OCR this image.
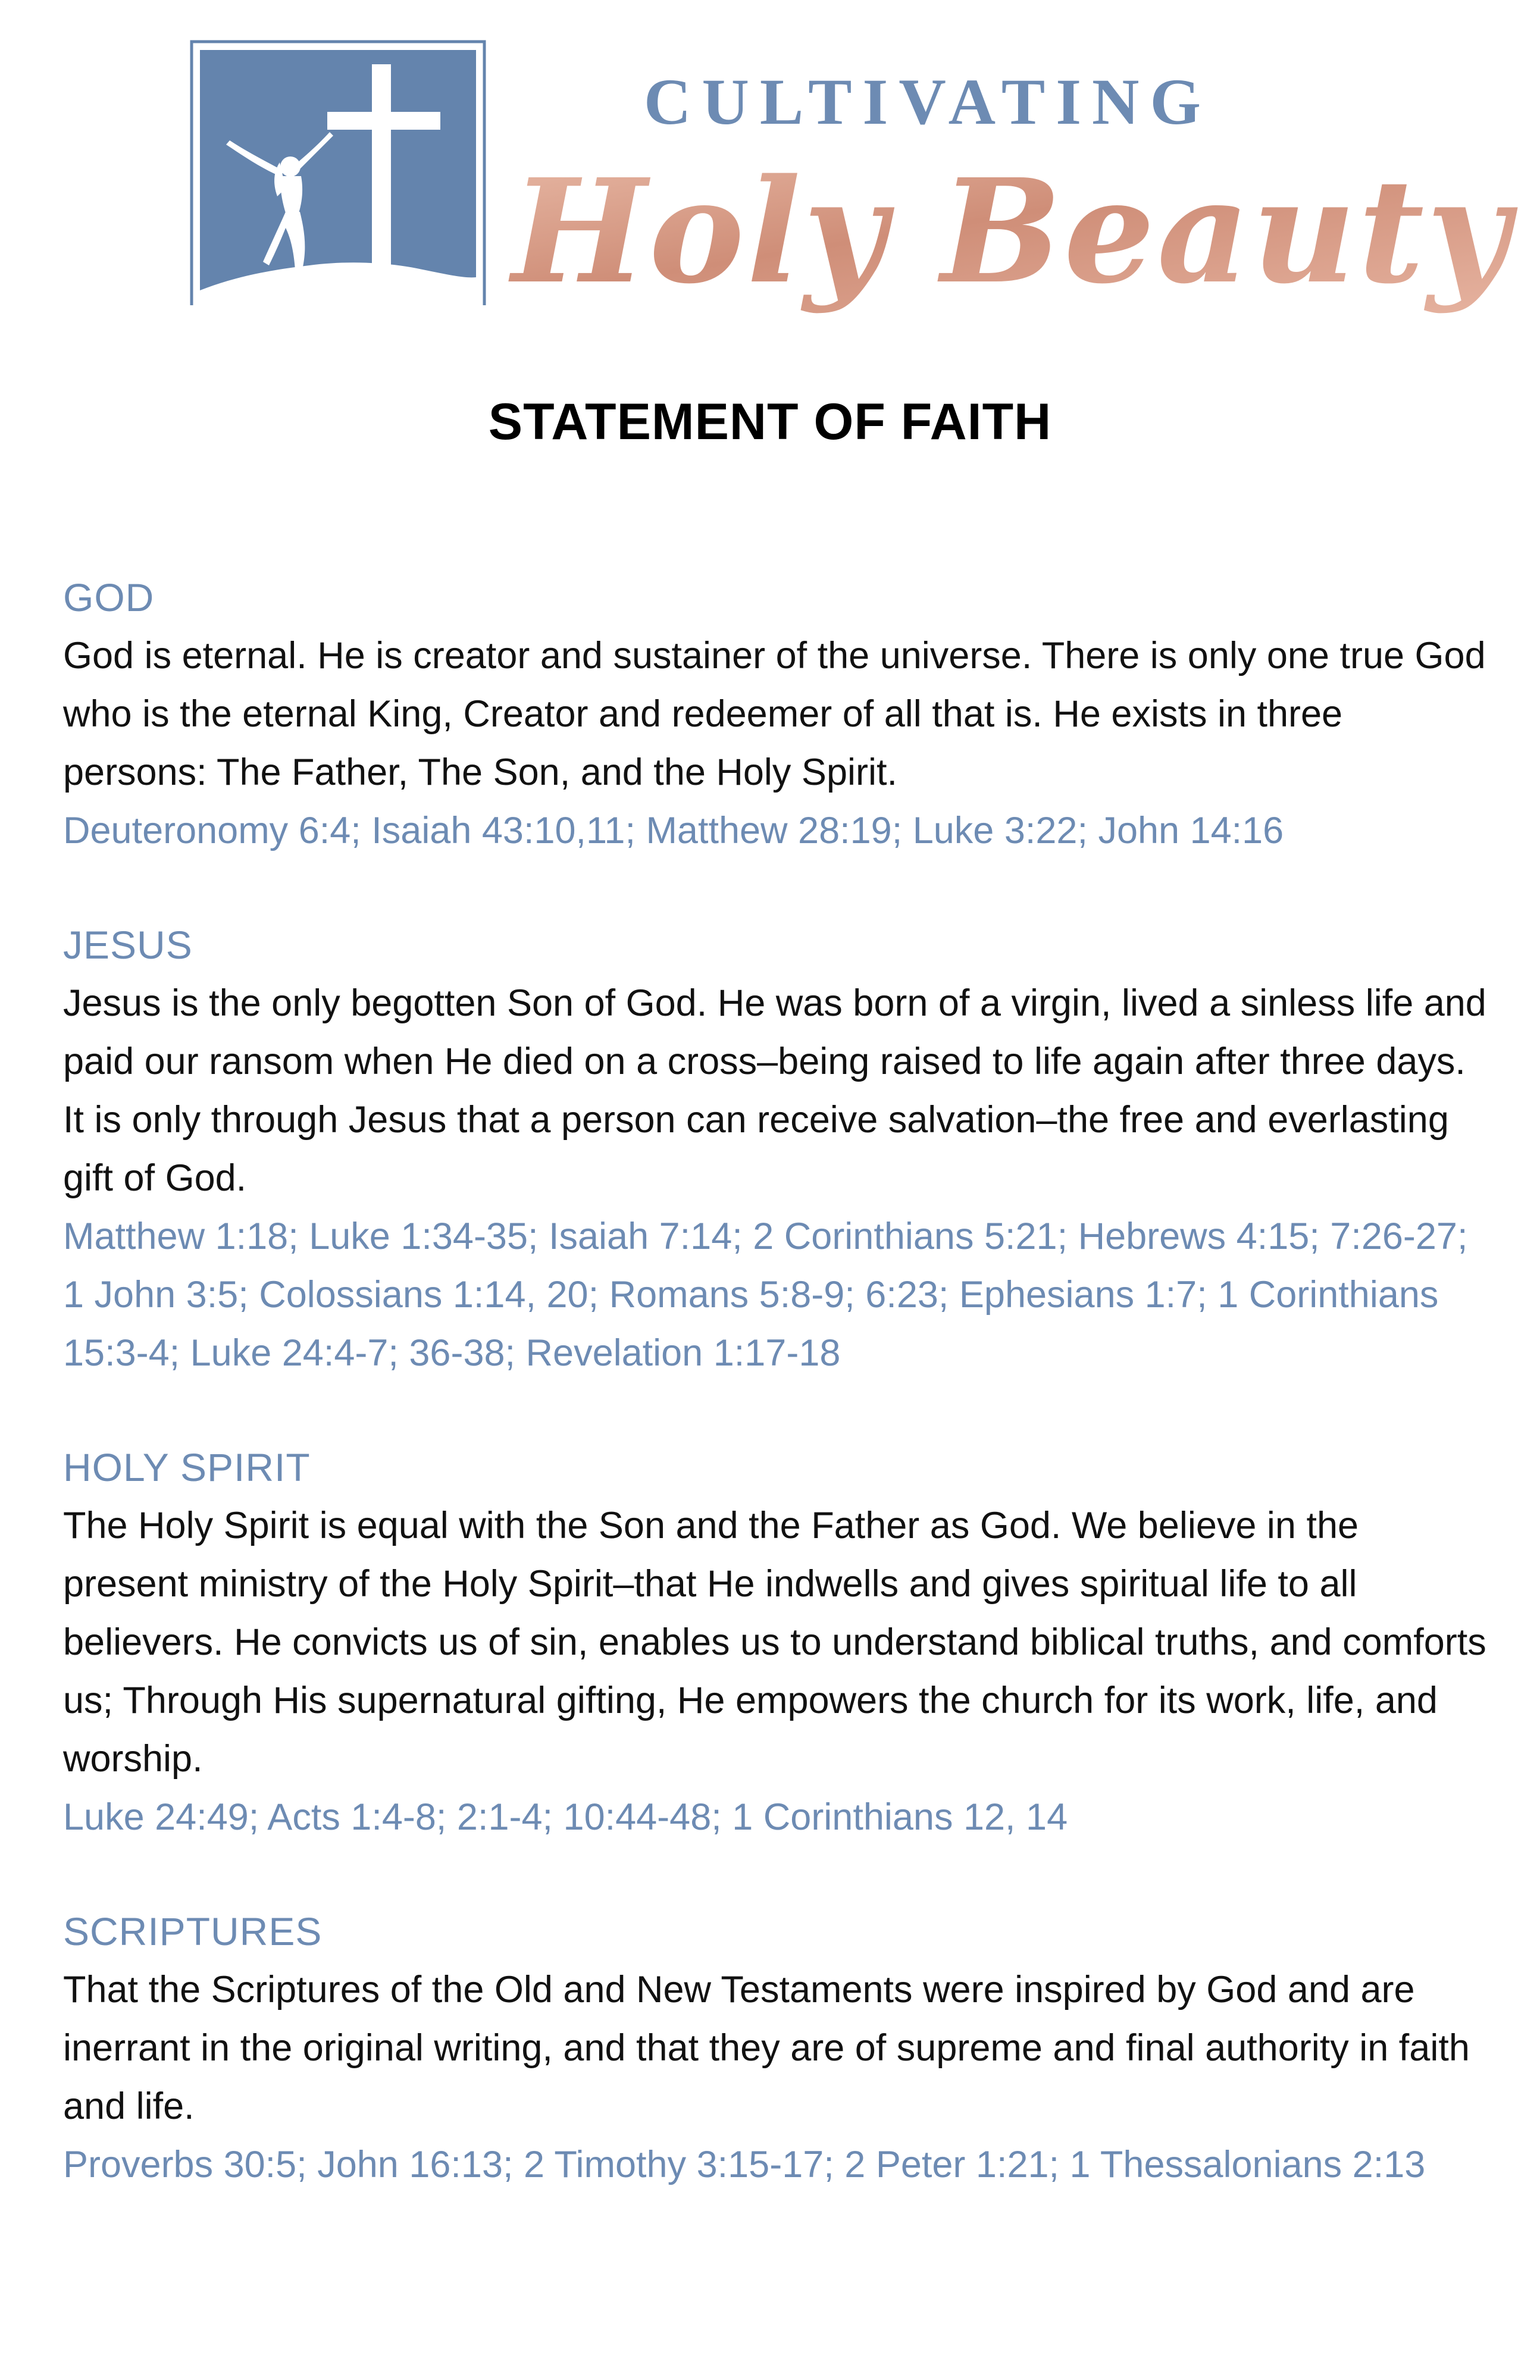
CULTIVATING
Holy Beauty
STATEMENT OF FAITH
GOD

God is eternal. He is creator and sustainer of the universe. There is only one true God who is the eternal King, Creator and redeemer of all that is. He exists in three persons: The Father, The Son, and the Holy Spirit.

Deuteronomy 6:4; Isaiah 43:10,11; Matthew 28:19; Luke 3:22; John 14:16

JESUS

Jesus is the only begotten Son of God. He was born of a virgin, lived a sinless life and paid our ransom when He died on a cross–being raised to life again after three days. It is only through Jesus that a person can receive salvation–the free and everlasting gift of God.

Matthew 1:18; Luke 1:34-35; Isaiah 7:14; 2 Corinthians 5:21; Hebrews 4:15; 7:26-27; 1 John 3:5; Colossians 1:14, 20; Romans 5:8-9; 6:23; Ephesians 1:7; 1 Corinthians 15:3-4; Luke 24:4-7; 36-38; Revelation 1:17-18

HOLY SPIRIT

The Holy Spirit is equal with the Son and the Father as God. We believe in the present ministry of the Holy Spirit–that He indwells and gives spiritual life to all believers. He convicts us of sin, enables us to understand biblical truths, and comforts us; Through His supernatural gifting, He empowers the church for its work, life, and worship.

Luke 24:49; Acts 1:4-8; 2:1-4; 10:44-48; 1 Corinthians 12, 14

SCRIPTURES

That the Scriptures of the Old and New Testaments were inspired by God and are inerrant in the original writing, and that they are of supreme and final authority in faith and life.

Proverbs 30:5; John 16:13; 2 Timothy 3:15-17; 2 Peter 1:21; 1 Thessalonians 2:13
